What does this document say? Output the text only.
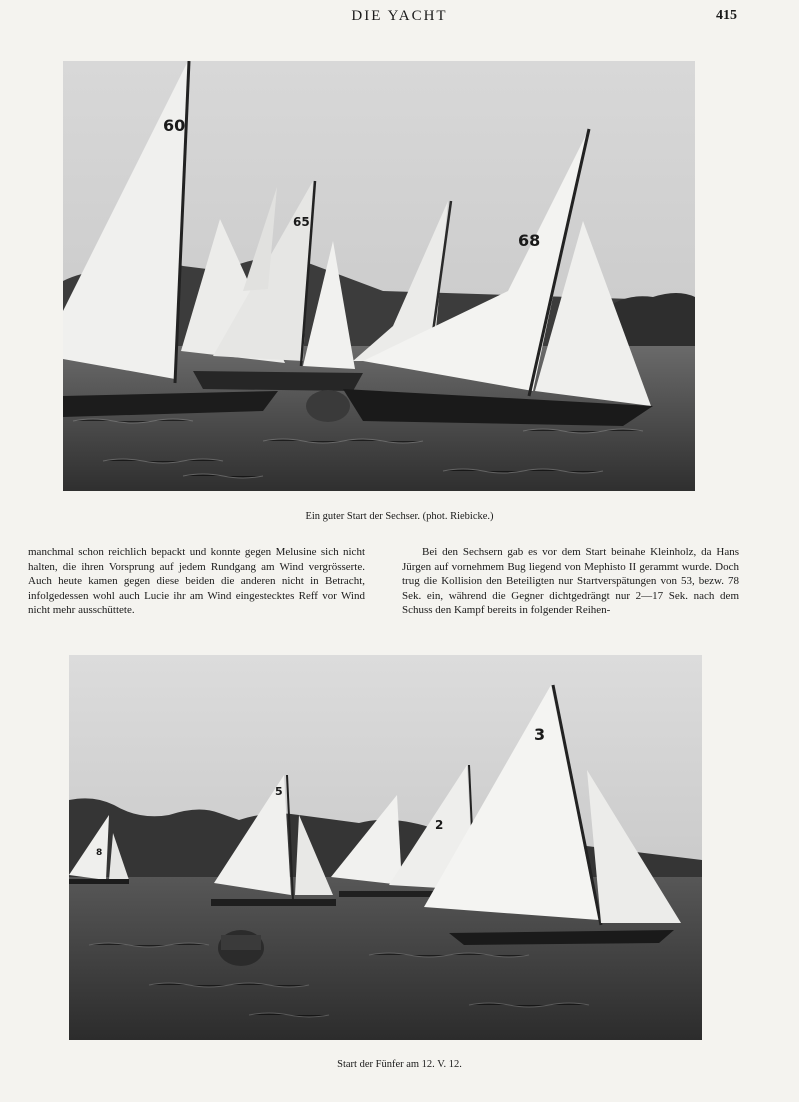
DIE YACHT	415
60
65
68
Ein guter Start der Sechser. (phot. Riebicke.)

manchmal schon reichlich bepackt und konnte gegen Melusine sich nicht halten, die ihren Vorsprung auf jedem Rundgang am Wind vergrösserte. Auch heute kamen gegen diese beiden die anderen nicht in Betracht, infolgedessen wohl auch Lucie ihr am Wind eingestecktes Reff vor Wind nicht mehr ausschüttete.

Bei den Sechsern gab es vor dem Start beinahe Kleinholz, da Hans Jürgen auf vornehmem Bug liegend von Mephisto II gerammt wurde. Doch trug die Kollision den Beteiligten nur Startverspätungen von 53, bezw. 78 Sek. ein, während die Gegner dichtgedrängt nur 2—17 Sek. nach dem Schuss den Kampf bereits in folgender Reihen-

3
5
2
8
Start der Fünfer am 12. V. 12.
